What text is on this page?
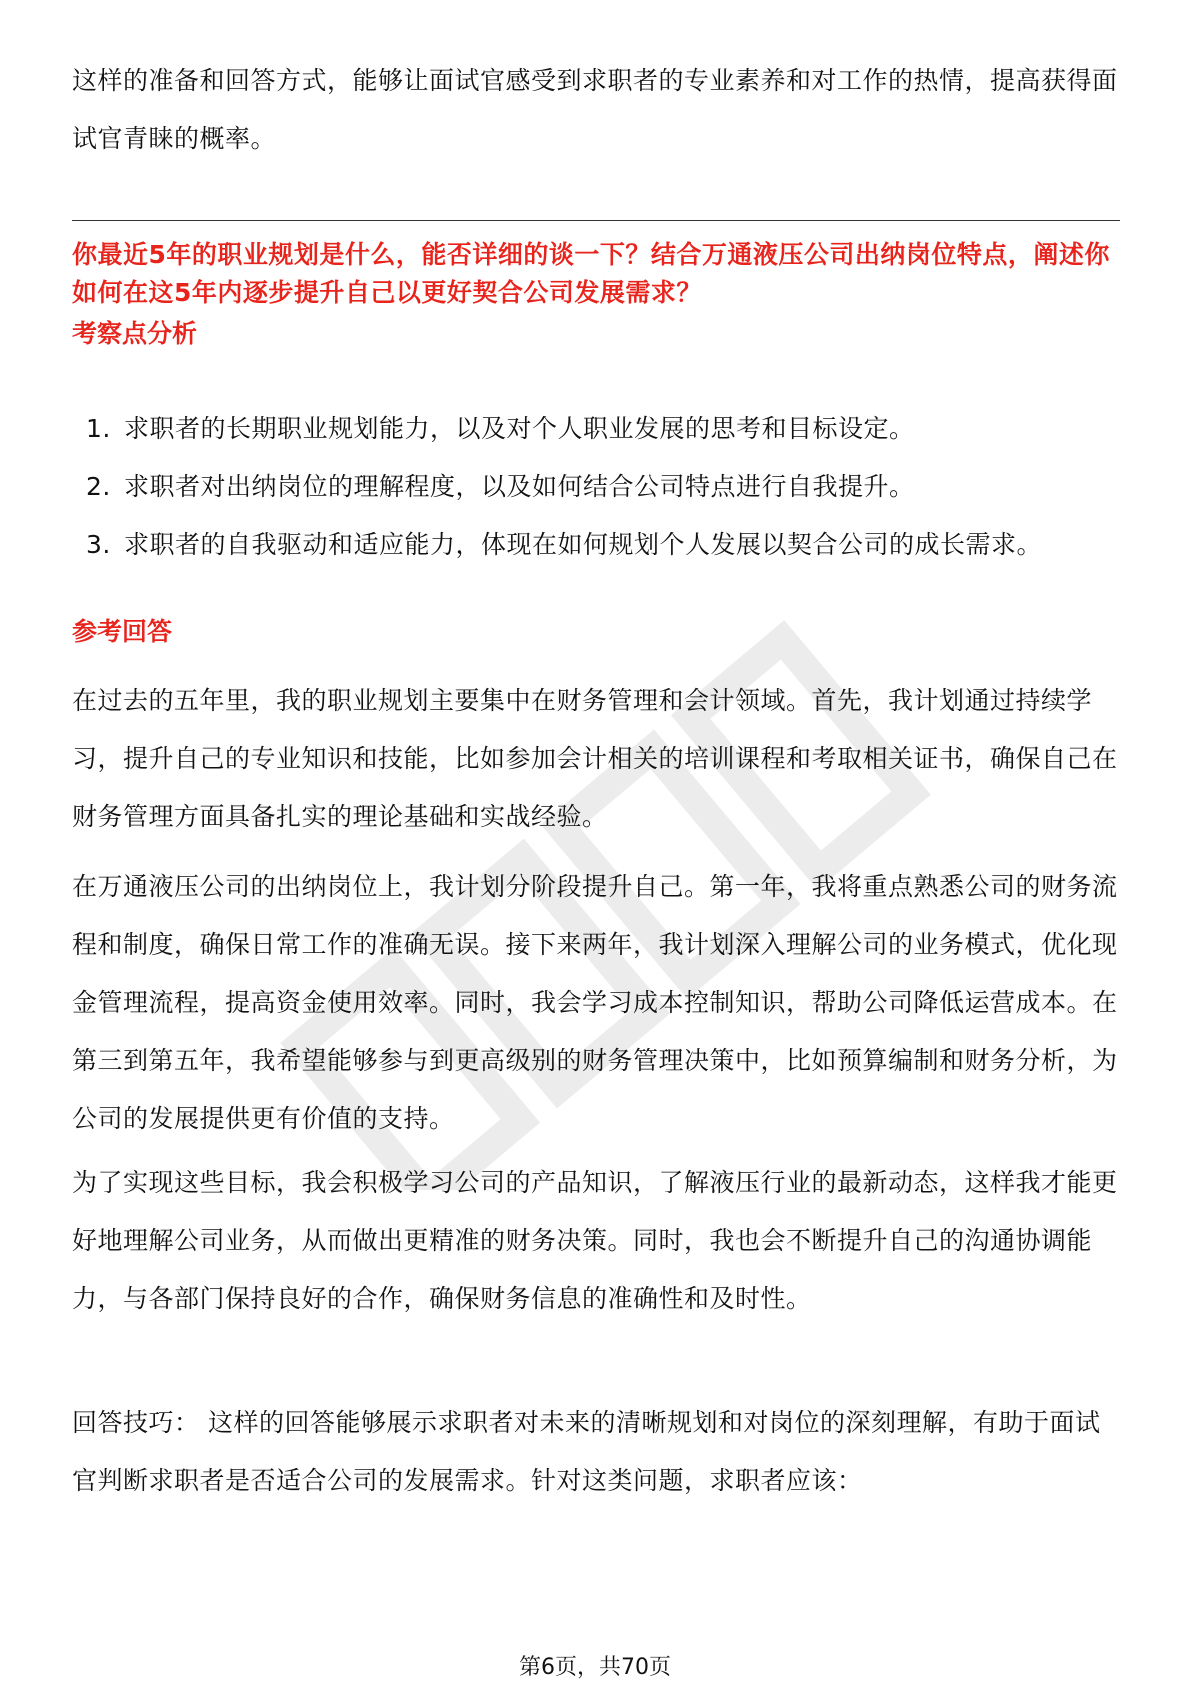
这样的准备和回答方式，能够让面试官感受到求职者的专业素养和对工作的热情，提高获得面试官青睐的概率。

你最近5年的职业规划是什么，能否详细的谈一下？结合万通液压公司出纳岗位特点，阐述你如何在这5年内逐步提升自己以更好契合公司发展需求？

考察点分析

1. 求职者的长期职业规划能力，以及对个人职业发展的思考和目标设定。
2. 求职者对出纳岗位的理解程度，以及如何结合公司特点进行自我提升。
3. 求职者的自我驱动和适应能力，体现在如何规划个人发展以契合公司的成长需求。

参考回答

在过去的五年里，我的职业规划主要集中在财务管理和会计领域。首先，我计划通过持续学习，提升自己的专业知识和技能，比如参加会计相关的培训课程和考取相关证书，确保自己在财务管理方面具备扎实的理论基础和实战经验。

在万通液压公司的出纳岗位上，我计划分阶段提升自己。第一年，我将重点熟悉公司的财务流程和制度，确保日常工作的准确无误。接下来两年，我计划深入理解公司的业务模式，优化现金管理流程，提高资金使用效率。同时，我会学习成本控制知识，帮助公司降低运营成本。在第三到第五年，我希望能够参与到更高级别的财务管理决策中，比如预算编制和财务分析，为公司的发展提供更有价值的支持。

为了实现这些目标，我会积极学习公司的产品知识，了解液压行业的最新动态，这样我才能更好地理解公司业务，从而做出更精准的财务决策。同时，我也会不断提升自己的沟通协调能力，与各部门保持良好的合作，确保财务信息的准确性和及时性。

回答技巧： 这样的回答能够展示求职者对未来的清晰规划和对岗位的深刻理解，有助于面试官判断求职者是否适合公司的发展需求。针对这类问题，求职者应该：

第6页，共70页
